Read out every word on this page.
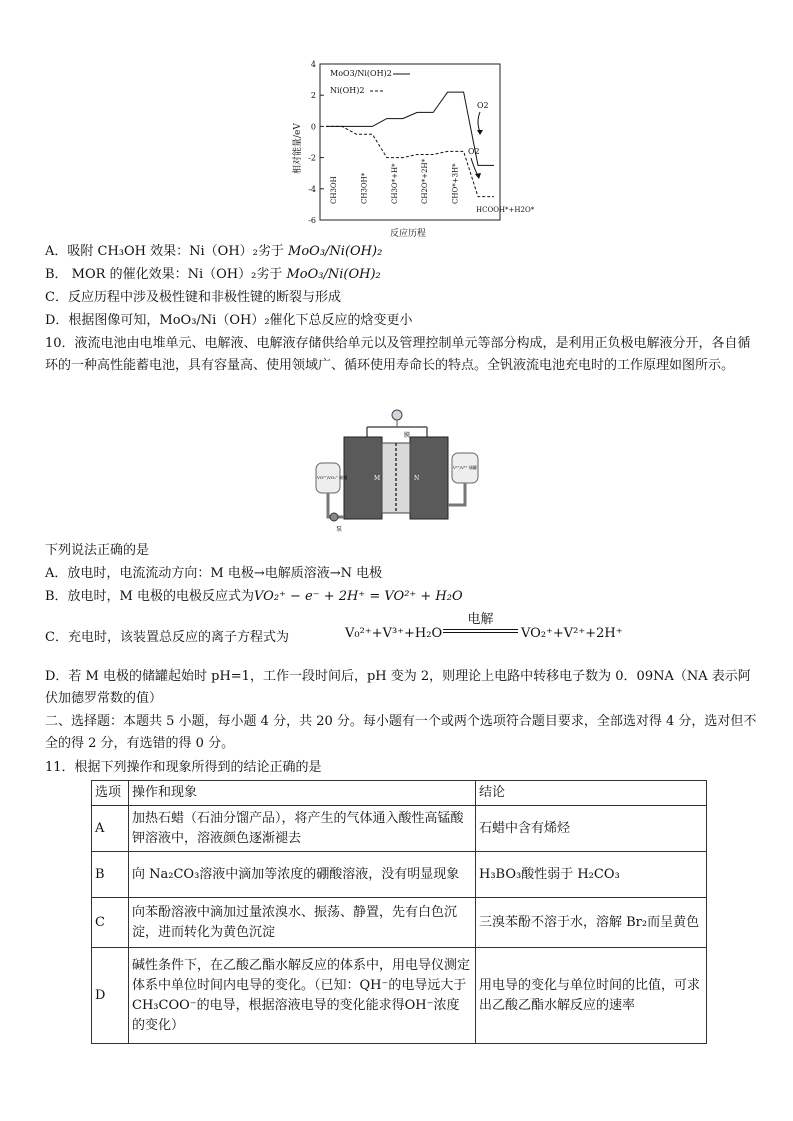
4
2
0
-2
-4
-6
CH3OH	CH3OH*	CH3O*+H*	CH2O*+2H*	CHO*+3H*
HCOOH*+H2O*
相对能量/eV
反应历程
MoO3/Ni(OH)2
Ni(OH)2
O2
O2
A．吸附 CH₃OH 效果：Ni（OH）₂劣于 MoO₃/Ni(OH)₂
B． MOR 的催化效果：Ni（OH）₂劣于 MoO₃/Ni(OH)₂
C．反应历程中涉及极性键和非极性键的断裂与形成
D．根据图像可知，MoO₃/Ni（OH）₂催化下总反应的焓变更小
10．液流电池由电堆单元、电解液、电解液存储供给单元以及管理控制单元等部分构成，是利用正负极电解液分开，各自循环的一种高性能蓄电池，具有容量高、使用领域广、循环使用寿命长的特点。全钒液流电池充电时的工作原理如图所示。
膜
M	N
VO²⁺/VO₂⁺ 储罐
V²⁺/V³⁺ 储罐
泵
下列说法正确的是
A．放电时，电流流动方向：M 电极→电解质溶液→N 电极
B．放电时，M 电极的电极反应式为VO₂⁺ − e⁻ + 2H⁺ = VO²⁺ + H₂O
C．充电时，该装置总反应的离子方程式为	V₀²⁺+V³⁺+H₂O
电解
VO₂⁺+V²⁺+2H⁺
D．若 M 电极的储罐起始时 pH=1，工作一段时间后，pH 变为 2，则理论上电路中转移电子数为 0．09NA（NA 表示阿伏加德罗常数的值）
二、选择题：本题共 5 小题，每小题 4 分，共 20 分。每小题有一个或两个选项符合题目要求，全部选对得 4 分，选对但不全的得 2 分，有选错的得 0 分。
11．根据下列操作和现象所得到的结论正确的是
选项	操作和现象	结论
A	加热石蜡（石油分馏产品），将产生的气体通入酸性高锰酸钾溶液中，溶液颜色逐渐褪去	石蜡中含有烯烃
B	向 Na₂CO₃溶液中滴加等浓度的硼酸溶液，没有明显现象	H₃BO₃酸性弱于 H₂CO₃
C	向苯酚溶液中滴加过量浓溴水、振荡、静置，先有白色沉淀，进而转化为黄色沉淀	三溴苯酚不溶于水，溶解 Br₂而呈黄色
D	碱性条件下，在乙酸乙酯水解反应的体系中，用电导仪测定体系中单位时间内电导的变化。（已知：QH⁻的电导远大于 CH₃COO⁻的电导，根据溶液电导的变化能求得OH⁻浓度的变化）	用电导的变化与单位时间的比值，可求出乙酸乙酯水解反应的速率
